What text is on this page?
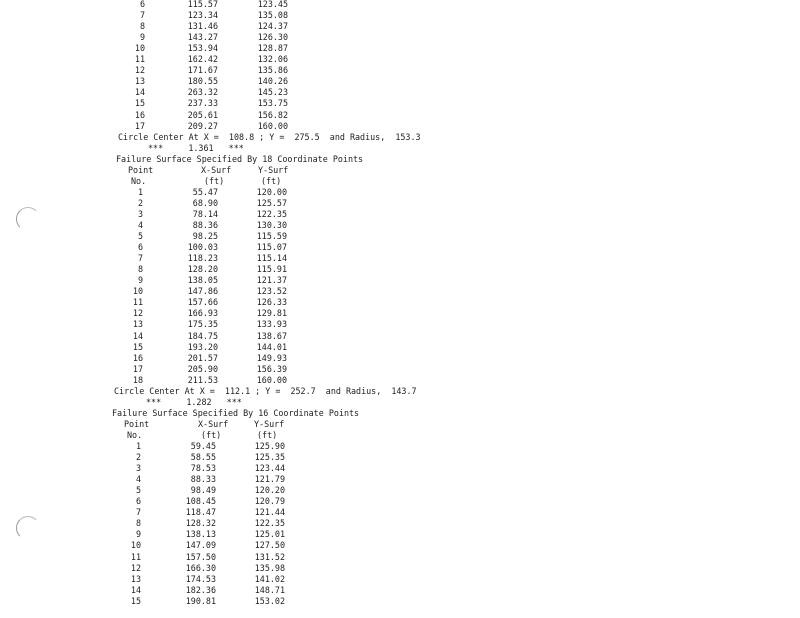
6	115.57	123.45
7	123.34	135.08
8	131.46	124.37
9	143.27	126.30
10	153.94	128.87
11	162.42	132.06
12	171.67	135.86
13	180.55	140.26
14	263.32	145.23
15	237.33	153.75
16	205.61	156.82
17	209.27	160.00
Circle Center At X =  108.8 ; Y =  275.5  and Radius,  153.3
***     1.361   ***
Failure Surface Specified By 18 Coordinate Points
Point	X-Surf	Y-Surf
No.	(ft)	(ft)
1	55.47	120.00
2	68.90	125.57
3	78.14	122.35
4	88.36	130.30
5	98.25	115.59
6	100.03	115.07
7	118.23	115.14
8	128.20	115.91
9	138.05	121.37
10	147.86	123.52
11	157.66	126.33
12	166.93	129.81
13	175.35	133.93
14	184.75	138.67
15	193.20	144.01
16	201.57	149.93
17	205.90	156.39
18	211.53	160.00
Circle Center At X =  112.1 ; Y =  252.7  and Radius,  143.7
***     1.282   ***
Failure Surface Specified By 16 Coordinate Points
Point	X-Surf	Y-Surf
No.	(ft)	(ft)
1	59.45	125.90
2	58.55	125.35
3	78.53	123.44
4	88.33	121.79
5	98.49	120.20
6	108.45	120.79
7	118.47	121.44
8	128.32	122.35
9	138.13	125.01
10	147.09	127.50
11	157.50	131.52
12	166.30	135.98
13	174.53	141.02
14	182.36	148.71
15	190.81	153.02
